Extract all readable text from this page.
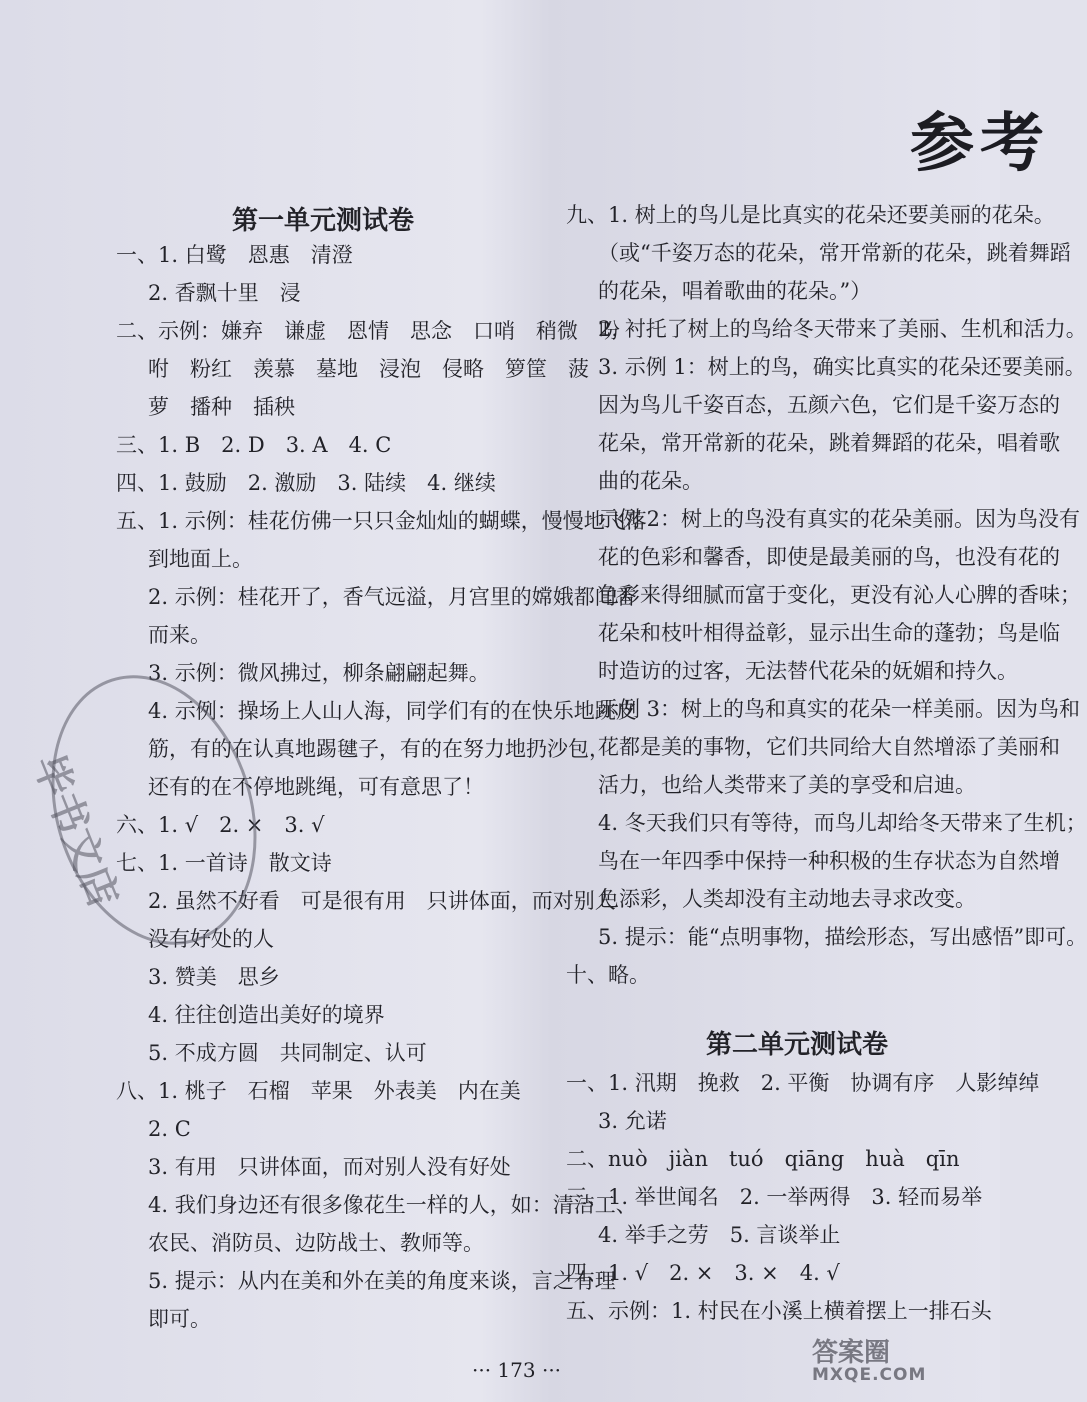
参考
第一单元测试卷
一、1. 白鹭　恩惠　清澄
2. 香飘十里　浸
二、示例：嫌弃　谦虚　恩情　思念　口哨　稍微　吩
咐　粉红　羡慕　墓地　浸泡　侵略　箩筐　菠
萝　播种　插秧
三、1. B　2. D　3. A　4. C
四、1. 鼓励　2. 激励　3. 陆续　4. 继续
五、1. 示例：桂花仿佛一只只金灿灿的蝴蝶，慢慢地飞落
到地面上。
2. 示例：桂花开了，香气远溢，月宫里的嫦娥都闻香
而来。
3. 示例：微风拂过，柳条翩翩起舞。
4. 示例：操场上人山人海，同学们有的在快乐地跳皮
筋，有的在认真地踢毽子，有的在努力地扔沙包，
还有的在不停地跳绳，可有意思了！
六、1. √　2. ×　3. √
七、1. 一首诗　散文诗
2. 虽然不好看　可是很有用　只讲体面，而对别人
没有好处的人
3. 赞美　思乡
4. 往往创造出美好的境界
5. 不成方圆　共同制定、认可
八、1. 桃子　石榴　苹果　外表美　内在美
2. C
3. 有用　只讲体面，而对别人没有好处
4. 我们身边还有很多像花生一样的人，如：清洁工、
农民、消防员、边防战士、教师等。
5. 提示：从内在美和外在美的角度来谈，言之有理
即可。
九、1. 树上的鸟儿是比真实的花朵还要美丽的花朵。
（或“千姿万态的花朵，常开常新的花朵，跳着舞蹈
的花朵，唱着歌曲的花朵。”）
2. 衬托了树上的鸟给冬天带来了美丽、生机和活力。
3. 示例 1：树上的鸟，确实比真实的花朵还要美丽。
因为鸟儿千姿百态，五颜六色，它们是千姿万态的
花朵，常开常新的花朵，跳着舞蹈的花朵，唱着歌
曲的花朵。
示例 2：树上的鸟没有真实的花朵美丽。因为鸟没有
花的色彩和馨香，即使是最美丽的鸟，也没有花的
色彩来得细腻而富于变化，更没有沁人心脾的香味；
花朵和枝叶相得益彰，显示出生命的蓬勃；鸟是临
时造访的过客，无法替代花朵的妩媚和持久。
示例 3：树上的鸟和真实的花朵一样美丽。因为鸟和
花都是美的事物，它们共同给大自然增添了美丽和
活力，也给人类带来了美的享受和启迪。
4. 冬天我们只有等待，而鸟儿却给冬天带来了生机；
鸟在一年四季中保持一种积极的生存状态为自然增
色添彩，人类却没有主动地去寻求改变。
5. 提示：能“点明事物，描绘形态，写出感悟”即可。
十、略。
第二单元测试卷
一、1. 汛期　挽救　2. 平衡　协调有序　人影绰绰
3. 允诺
二、nuò　jiàn　tuó　qiāng　huà　qīn
三、1. 举世闻名　2. 一举两得　3. 轻而易举
4. 举手之劳　5. 言谈举止
四、1. √　2. ×　3. ×　4. √
五、示例：1. 村民在小溪上横着摆上一排石头
··· 173 ···
毕书文店
答案圈
MXQE.COM
